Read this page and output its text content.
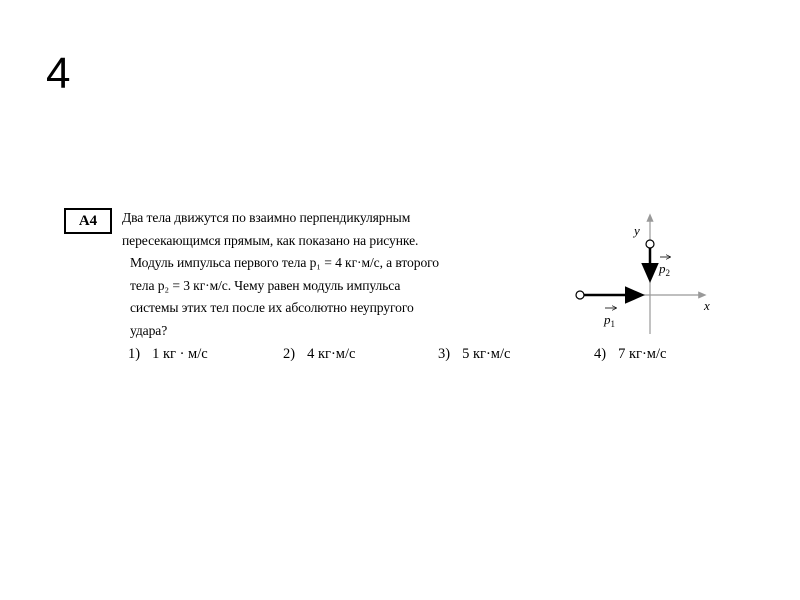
4
A4	Два тела движутся по взаимно перпендикулярным
пересекающимся прямым, как показано на рисунке.
Модуль импульса первого тела p₁ = 4 кг·м/с, а второго
тела p₂ = 3 кг·м/с. Чему равен модуль импульса
системы этих тел после их абсолютно неупругого
удара?
1) 1 кг · м/с	2) 4 кг·м/с	3) 5 кг·м/с	4) 7 кг·м/с
x
y
$p_2$
$p_1$
